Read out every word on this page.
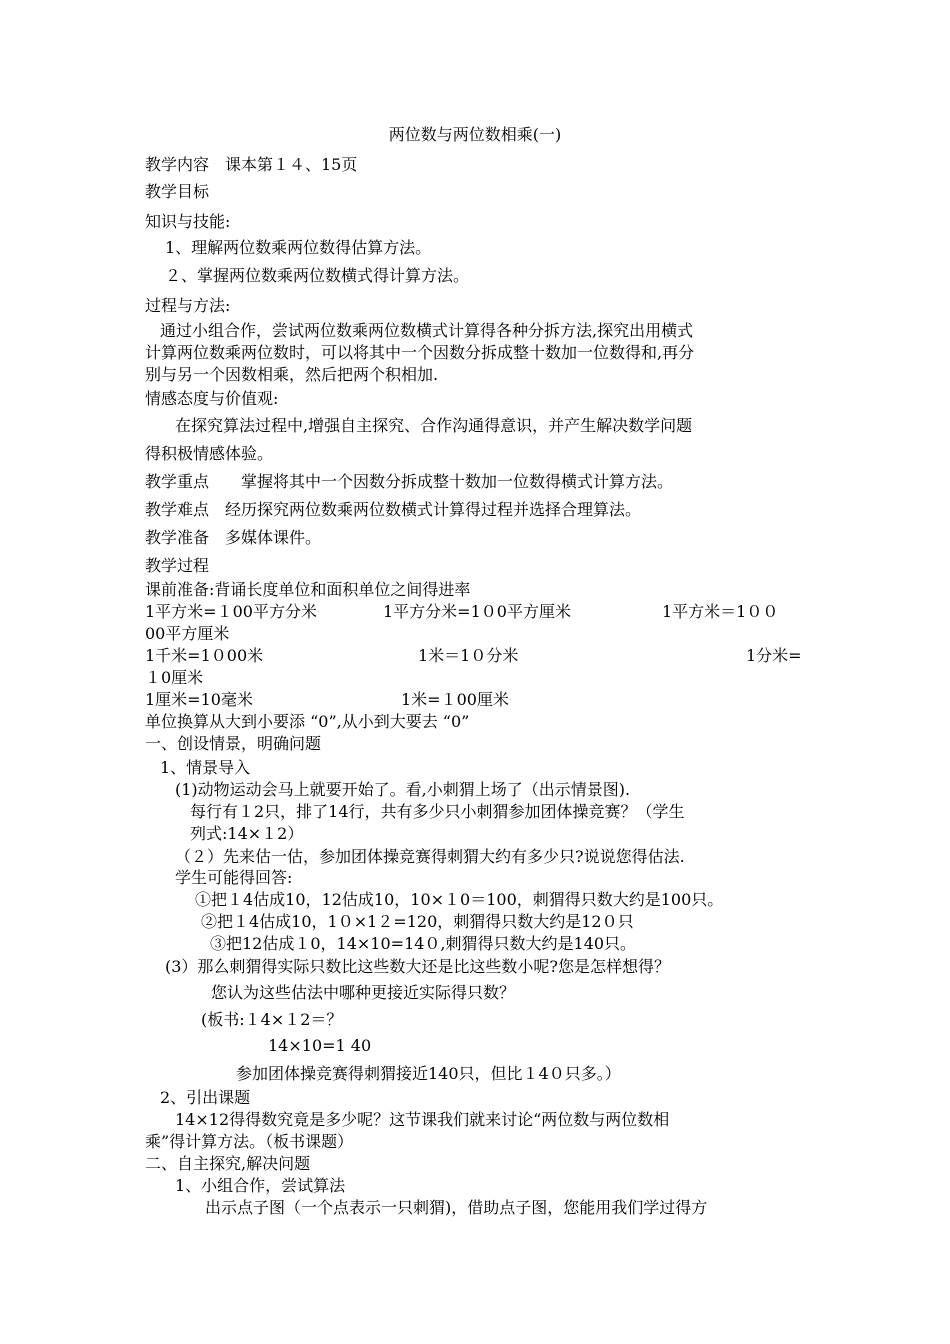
两位数与两位数相乘(一)
教学内容　课本第１４、15页
教学目标
知识与技能:
1、理解两位数乘两位数得估算方法。
２、掌握两位数乘两位数横式得计算方法。
过程与方法:
通过小组合作，尝试两位数乘两位数横式计算得各种分拆方法,探究出用横式
计算两位数乘两位数时，可以将其中一个因数分拆成整十数加一位数得和,再分
别与另一个因数相乘，然后把两个积相加.
情感态度与价值观:
在探究算法过程中,增强自主探究、合作沟通得意识，并产生解决数学问题
得积极情感体验。
教学重点　　掌握将其中一个因数分拆成整十数加一位数得横式计算方法。
教学难点　经历探究两位数乘两位数横式计算得过程并选择合理算法。
教学准备　多媒体课件。
教学过程
课前准备:背诵长度单位和面积单位之间得进率
1平方米=１00平方分米	1平方分米=1０0平方厘米	1平方米＝1００
00平方厘米
1千米=1０00米	1米＝1０分米	1分米=
１0厘米
1厘米=10毫米	1米=１00厘米
单位换算从大到小要添 “0”,从小到大要去 “0”
一、创设情景，明确问题
1、情景导入
(1)动物运动会马上就要开始了。看,小刺猬上场了（出示情景图).
每行有１2只，排了14行，共有多少只小刺猬参加团体操竞赛？（学生
列式:14×１2）
（２）先来估一估，参加团体操竞赛得刺猬大约有多少只?说说您得估法.
学生可能得回答:
①把１4估成10，12估成10，10×１0＝100，刺猬得只数大约是100只。
②把１4估成10，1０×1２=120，刺猬得只数大约是12０只
③把12估成１0，14×10=14０,刺猬得只数大约是140只。
(3）那么刺猬得实际只数比这些数大还是比这些数小呢?您是怎样想得？
您认为这些估法中哪种更接近实际得只数？
(板书:１4×１2＝？
14×10=1 40
参加团体操竞赛得刺猬接近140只，但比１4０只多。）
2、引出课题
14×12得得数究竟是多少呢？这节课我们就来讨论“两位数与两位数相
乘”得计算方法。（板书课题）
二、自主探究,解决问题
1、小组合作，尝试算法
出示点子图（一个点表示一只刺猬)，借助点子图，您能用我们学过得方
